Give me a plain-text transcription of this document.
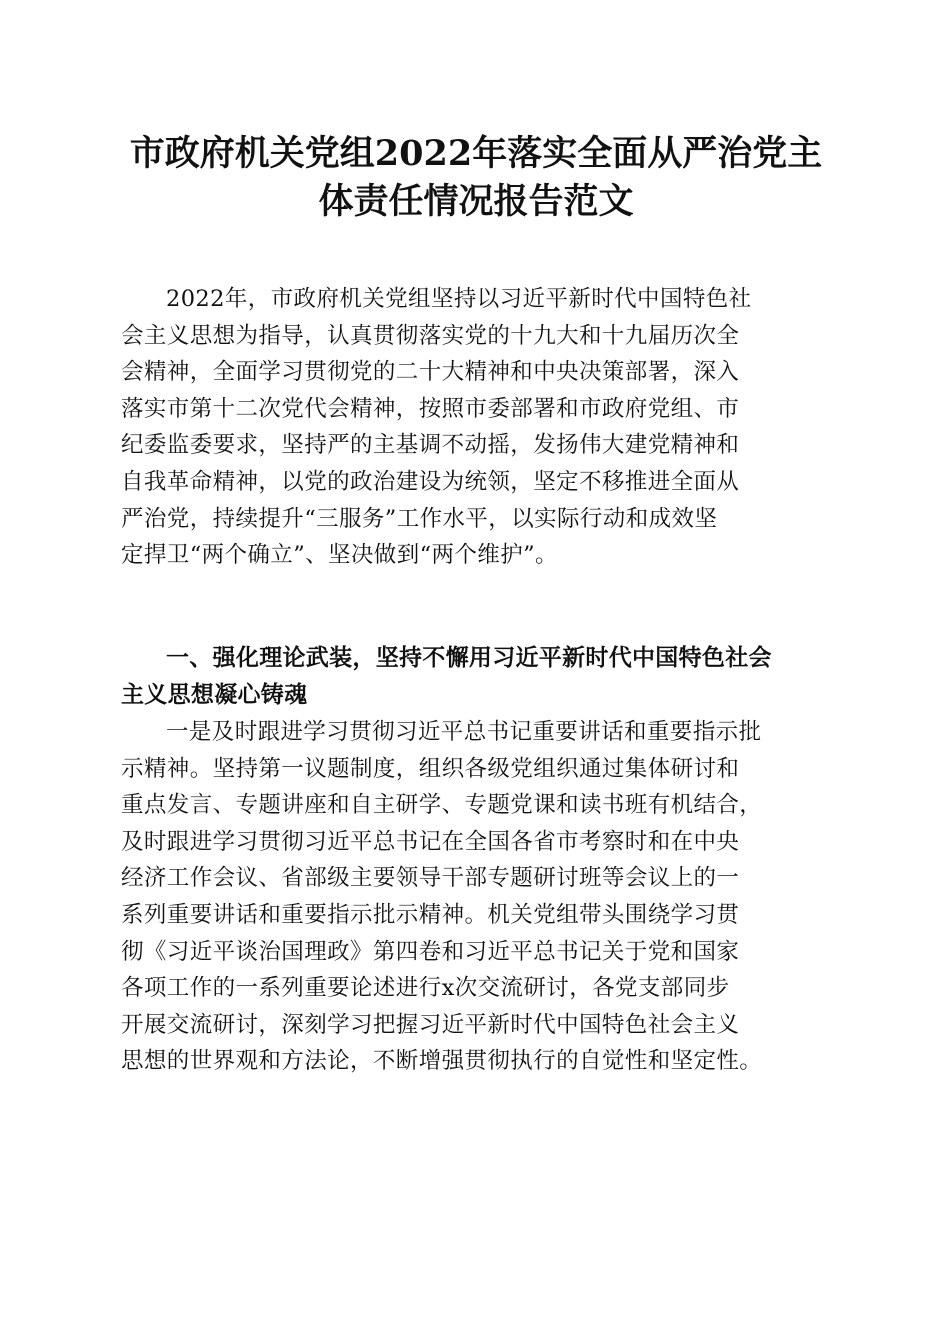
市政府机关党组2022年落实全面从严治党主
体责任情况报告范文

2022年，市政府机关党组坚持以习近平新时代中国特色社
会主义思想为指导，认真贯彻落实党的十九大和十九届历次全
会精神，全面学习贯彻党的二十大精神和中央决策部署，深入
落实市第十二次党代会精神，按照市委部署和市政府党组、市
纪委监委要求，坚持严的主基调不动摇，发扬伟大建党精神和
自我革命精神，以党的政治建设为统领，坚定不移推进全面从
严治党，持续提升“三服务”工作水平，以实际行动和成效坚
定捍卫“两个确立”、坚决做到“两个维护”。

一、强化理论武装，坚持不懈用习近平新时代中国特色社会
主义思想凝心铸魂

一是及时跟进学习贯彻习近平总书记重要讲话和重要指示批
示精神。坚持第一议题制度，组织各级党组织通过集体研讨和
重点发言、专题讲座和自主研学、专题党课和读书班有机结合，
及时跟进学习贯彻习近平总书记在全国各省市考察时和在中央
经济工作会议、省部级主要领导干部专题研讨班等会议上的一
系列重要讲话和重要指示批示精神。机关党组带头围绕学习贯
彻《习近平谈治国理政》第四卷和习近平总书记关于党和国家
各项工作的一系列重要论述进行x次交流研讨，各党支部同步
开展交流研讨，深刻学习把握习近平新时代中国特色社会主义
思想的世界观和方法论，不断增强贯彻执行的自觉性和坚定性。
